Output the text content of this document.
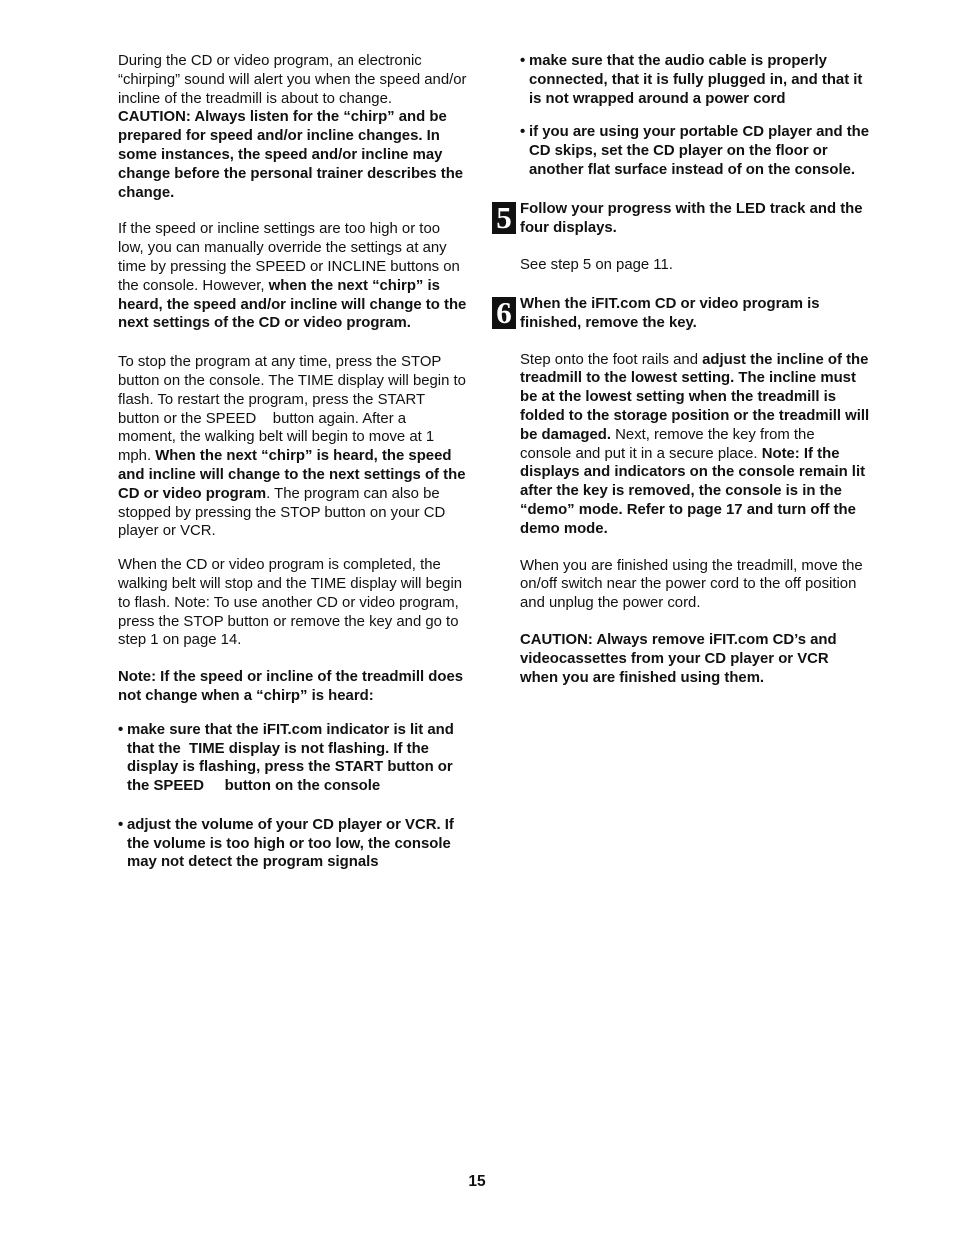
During the CD or video program, an electronic “chirping” sound will alert you when the speed and/or incline of the treadmill is about to change. CAUTION: Always listen for the “chirp” and be prepared for speed and/or incline changes. In some instances, the speed and/or incline may change before the personal trainer describes the change.

If the speed or incline settings are too high or too low, you can manually override the settings at any time by pressing the SPEED or INCLINE buttons on the console. However, when the next “chirp” is heard, the speed and/or incline will change to the next settings of the CD or video program.

To stop the program at any time, press the STOP button on the console. The TIME display will begin to flash. To restart the program, press the START button or the SPEED    button again. After a moment, the walking belt will begin to move at 1 mph. When the next “chirp” is heard, the speed and incline will change to the next settings of the CD or video program. The program can also be stopped by pressing the STOP button on your CD player or VCR.

When the CD or video program is completed, the walking belt will stop and the TIME display will begin to flash. Note: To use another CD or video program, press the STOP button or remove the key and go to step 1 on page 14.

Note: If the speed or incline of the treadmill does not change when a “chirp” is heard:

• make sure that the iFIT.com indicator is lit and that the  TIME display is not flashing. If the display is flashing, press the START button or the SPEED     button on the console

• adjust the volume of your CD player or VCR. If the volume is too high or too low, the console may not detect the program signals

• make sure that the audio cable is properly connected, that it is fully plugged in, and that it is not wrapped around a power cord

• if you are using your portable CD player and the CD skips, set the CD player on the floor or another flat surface instead of on the console.

5 Follow your progress with the LED track and the four displays.

See step 5 on page 11.

6 When the iFIT.com CD or video program is finished, remove the key.

Step onto the foot rails and adjust the incline of the treadmill to the lowest setting. The incline must be at the lowest setting when the treadmill is folded to the storage position or the treadmill will be damaged. Next, remove the key from the console and put it in a secure place. Note: If the displays and indicators on the console remain lit after the key is removed, the console is in the “demo” mode. Refer to page 17 and turn off the demo mode.

When you are finished using the treadmill, move the on/off switch near the power cord to the off position and unplug the power cord.

CAUTION: Always remove iFIT.com CD’s and videocassettes from your CD player or VCR when you are finished using them.

15
